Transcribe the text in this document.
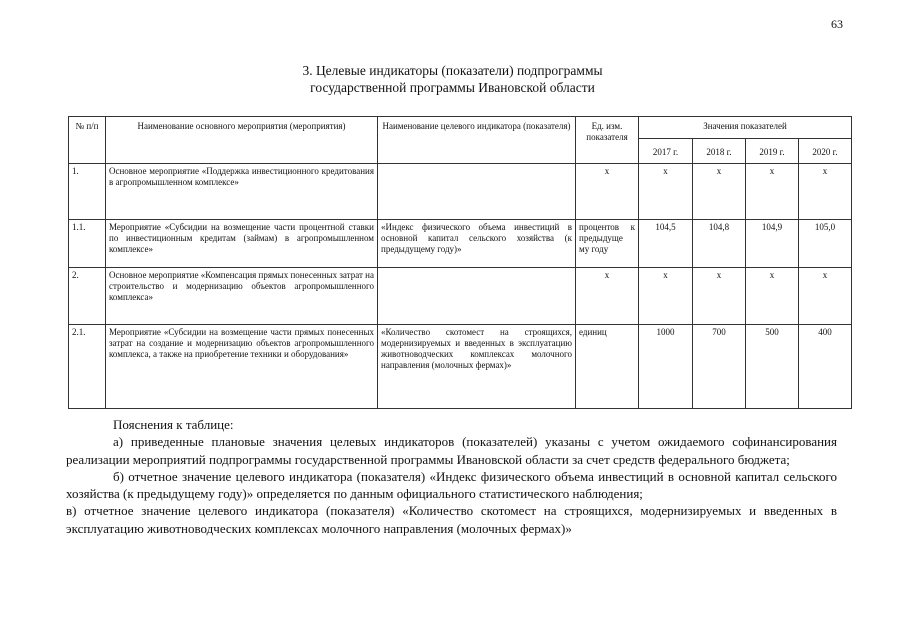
63
3. Целевые индикаторы (показатели) подпрограммы
государственной программы Ивановской области
№ п/п	Наименование основного мероприятия (мероприятия)	Наименование целевого индикатора (показателя)	Ед. изм. показателя	Значения показателей			
				2017 г.	2018 г.	2019 г.	2020 г.
1.	Основное мероприятие «Поддержка инвестиционного кредитования в агропромышленном комплексе»		x	x	x	x	x
1.1.	Мероприятие «Субсидии на возмещение части процентной ставки по инвестиционным кредитам (займам) в агропромышленном комплексе»	«Индекс физического объема инвестиций в основной капитал сельского хозяйства (к предыдущему году)»	процентов к предыдуще му году	104,5	104,8	104,9	105,0
2.	Основное мероприятие «Компенсация прямых понесенных затрат на строительство и модернизацию объектов агропромышленного комплекса»		x	x	x	x	x
2.1.	Мероприятие «Субсидии на возмещение части прямых понесенных затрат на создание и модернизацию объектов агропромышленного комплекса, а также на приобретение техники и оборудования»	«Количество скотомест на строящихся, модернизируемых и введенных в эксплуатацию животноводческих комплексах молочного направления (молочных фермах)»	единиц	1000	700	500	400

Пояснения к таблице:

а) приведенные плановые значения целевых индикаторов (показателей) указаны с учетом ожидаемого софинансирования реализации мероприятий подпрограммы государственной программы Ивановской области за счет средств федерального бюджета;

б) отчетное значение целевого индикатора (показателя) «Индекс физического объема инвестиций в основной капитал сельского хозяйства (к предыдущему году)» определяется по данным официального статистического наблюдения;

в) отчетное значение целевого индикатора (показателя) «Количество скотомест на строящихся, модернизируемых и введенных в эксплуатацию животноводческих комплексах молочного направления (молочных фермах)»
